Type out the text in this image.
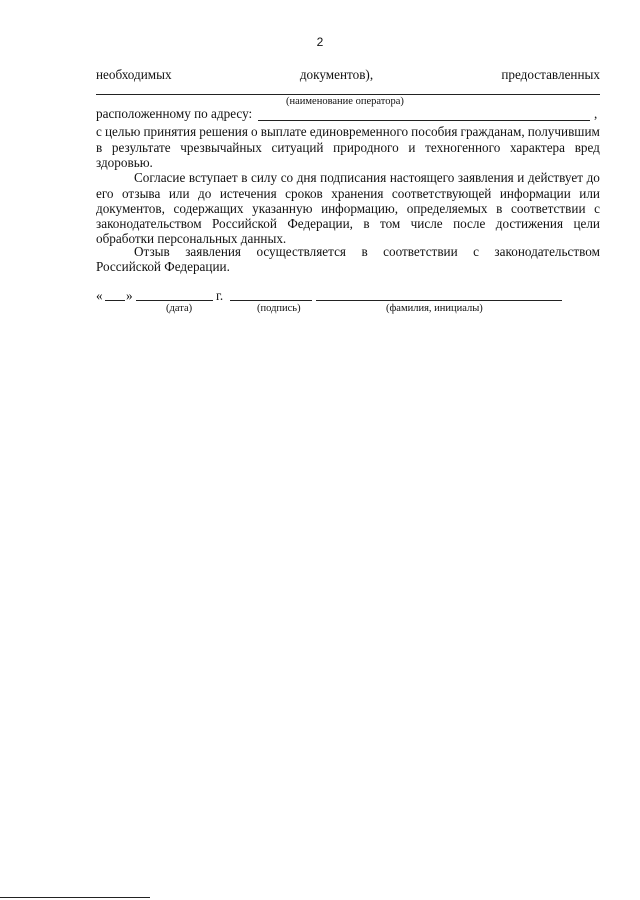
2
необходимых	документов),	предоставленных
(наименование оператора)
расположенному по адресу:	,
с целью принятия решения о выплате единовременного пособия гражданам, получившим
в результате чрезвычайных ситуаций природного и техногенного характера вред
здоровью.
Согласие вступает в силу со дня подписания настоящего заявления и действует до
его отзыва или до истечения сроков хранения соответствующей информации или
документов, содержащих указанную информацию, определяемых в соответствии с
законодательством Российской Федерации, в том числе после достижения цели
обработки персональных данных.
Отзыв заявления осуществляется в соответствии с законодательством
Российской Федерации.
« »	г.
(дата)	(подпись)	(фамилия, инициалы)
